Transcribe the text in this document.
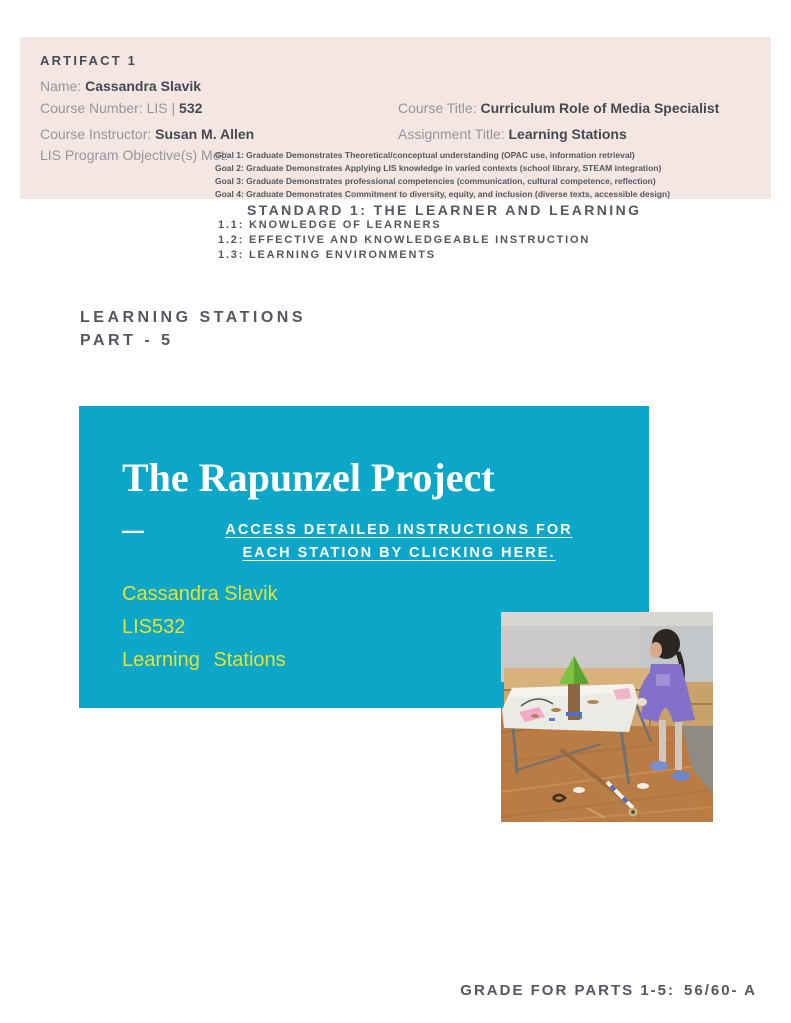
ARTIFACT 1
Name: Cassandra Slavik
Course Number: LIS | 532	Course Title: Curriculum Role of Media Specialist
Course Instructor: Susan M. Allen	Assignment Title: Learning Stations
LIS Program Objective(s) Met:
Goal 1: Graduate Demonstrates Theoretical/conceptual understanding (OPAC use, information retrieval)
Goal 2: Graduate Demonstrates Applying LIS knowledge in varied contexts (school library, STEAM integration)
Goal 3: Graduate Demonstrates professional competencies (communication, cultural competence, reflection)
Goal 4: Graduate Demonstrates Commitment to diversity, equity, and inclusion (diverse texts, accessible design)
STANDARD 1: THE LEARNER AND LEARNING
1.1: KNOWLEDGE OF LEARNERS
1.2: EFFECTIVE AND KNOWLEDGEABLE INSTRUCTION
1.3: LEARNING ENVIRONMENTS
LEARNING STATIONS
PART - 5
The Rapunzel Project
—	ACCESS DETAILED INSTRUCTIONS FOR
EACH STATION BY CLICKING HERE.
Cassandra Slavik
LIS532
Learning Stations
GRADE FOR PARTS 1-5: 56/60- A
